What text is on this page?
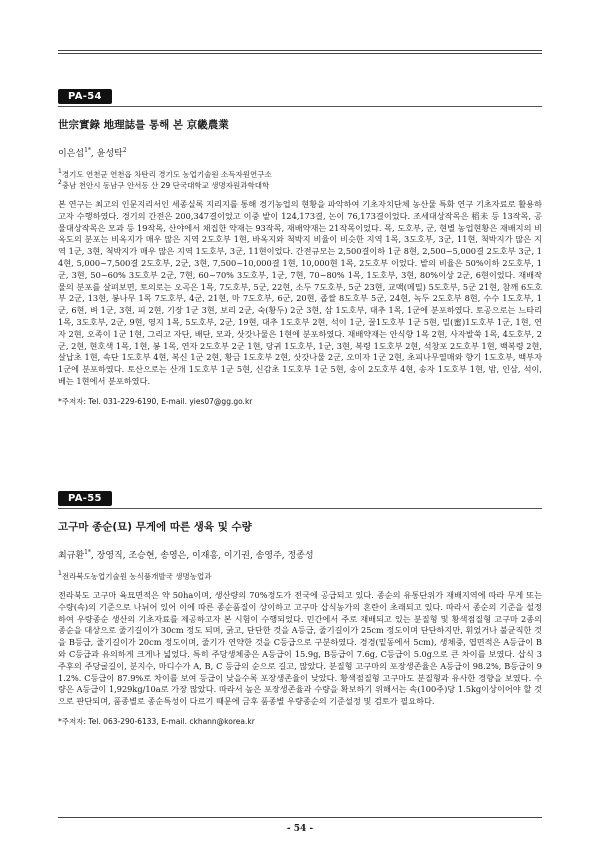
PA-54
世宗實錄 地理誌를 통해 본 京畿農業
이은섭$^{1*}$, 윤성탁$^2$
$^1$경기도 연천군 연천읍 차탄리 경기도 농업기술원 소득자원연구소
$^2$충남 천안시 동남구 안서동 산 29 단국대학교 생명자원과학대학
본 연구는 최고의 인문지리서인 세종실록 지리지를 통해 경기농업의 현황을 파악하여 기초자치단체 농산물 특화 연구 기초자료로 활용하고자 수행하였다. 경기의 간전은 200,347결이었고 이중 밭이 124,173결, 논이 76,173결이었다. 조세대상작목은 稻未 등 13작목, 공물대상작목은 모과 등 19작목, 산야에서 채집한 약재는 93작목, 재배약재는 21작목이었다. 목, 도호부, 군, 현별 농업현황은 재배지의 비옥도의 분포는 비옥지가 매우 많은 지역 2도호부 1현, 바옥지와 척박지 비율이 비슷한 지역 1목, 3도호부, 3군, 11현, 척박지가 많은 지역 1군, 3현, 척박지가 매우 많은 지역 1도호부, 3군, 11현이었다. 간전규모는 2,500결이하 1군 8현, 2,500~5,000결 2도호부 3군, 14현, 5,000~7,500결 2도호부, 2군, 3현, 7,500~10,000결 1현, 10,000현 1목, 2도호부 이었다. 밭의 비율은 50%이하 2도호부, 1군, 3현, 50~60% 3도호부 2군, 7현, 60~70% 3도호부, 1군, 7현, 70~80% 1목, 1도호부, 3현, 80%이상 2군, 6현이었다. 재배작물의 분포를 살펴보면, 토의로는 오곡은 1목, 7도호부, 5군, 22현, 소두 7도호부, 5군 23현, 교맥(메밀) 5도호부, 5군 21현, 참깨 6도호부 2군, 13현, 봉나무 1목 7도호부, 4군, 21현, 마 7도호부, 6군, 20현, 좁쌀 8도호부 5군, 24현, 녹두 2도호부 8현, 수수 1도호부, 1군, 6현, 벼 1군, 3현, 피 2현, 기장 1군 3현, 보리 2군, 숙(황두) 2군 3현, 삼 1도호부, 대추 1목, 1군에 분포하였다. 토공으로는 느타리 1목, 3도호부, 2군, 9현, 영지 1목, 5도호부, 2군, 19현, 대추 1도호부 2현, 석이 1군, 꿀1도호부 1군 5현, 밀(蜜)1도호부 1군, 1현, 연자 2현, 오족이 1군 1현, 그리고 자단, 배단, 모과, 삿갓나물은 1현에 분포하였다. 재배약재는 안식향 1목 2현, 사자발쑥 1목, 4도호부, 2군, 2현, 현호색 1목, 1현, 봉 1목, 연자 2도호부 2군 1현, 당귀 1도호부, 1군, 3현, 복령 1도호부 2현, 석창포 2도호부 1현, 백복령 2현, 살납초 1현, 속단 1도호부 4현, 복신 1군 2현, 황금 1도호부 2현, 삿갓나물 2군, 오미자 1군 2현, 초피나무열매와 향기 1도호부, 백부자 1군에 분포하였다. 토산으로는 산개 1도호부 1군 5현, 신감초 1도호부 1군 5현, 송이 2도호부 4현, 송자 1도호부 1현, 밤, 인삼, 석이, 베는 1현에서 분포하였다.
*주저자: Tel. 031-229-6190, E-mail. yies07@gg.go.kr
PA-55
고구마 종순(묘) 무게에 따른 생육 및 수량
최규환$^{1*}$, 장영직, 조승현, 송영은, 이재흥, 이기권, 송영주, 정종성
$^1$전라북도농업기술원 농식품개발국 생명농업과
전라북도 고구마 육묘면적은 약 50ha이며, 생산량의 70%정도가 전국에 공급되고 있다. 종순의 유통단위가 재배지역에 따라 무게 또는 수량(속)의 기준으로 나뉘어 있어 이에 따른 종순품질이 상이하고 고구마 삽식농가의 혼란이 초래되고 있다. 따라서 종순의 기준을 설정하여 우량종순 생산의 기초자료를 제공하고자 본 시험이 수행되었다. 민간에서 주로 재배되고 있는 분질형 및 황색점질형 고구마 2종의 종순을 대상으로 줄기길이가 30cm 정도 되며, 굵고, 단단한 것을 A등급, 줄기길이가 25cm 정도이며 단단하지만, 휘었거나 불균직한 것을 B등급, 줄기길이가 20cm 정도이며, 줄기가 연약한 것을 C등급으로 구분하였다. 경경(밑동에서 5cm), 생체중, 엽면적은 A등급이 B와 C등급과 유의하게 크게나 넓었다. 특히 주당생체중은 A등급이 15.9g, B등급이 7.6g, C등급이 5.0g으로 큰 차이를 보였다. 삽식 3주후의 주당굴길이, 분지수, 마디수가 A, B, C 등급의 순으로 길고, 많았다. 분질형 고구마의 포장생존율은 A등급이 98.2%, B등급이 91.2%. C등급이 87.9%로 차이를 보여 등급이 낮을수록 포장생존율이 낮았다. 황색점질형 고구마도 분질형과 유사한 경향을 보였다. 수량은 A등급이 1,929kg/10a로 가장 많았다. 따라서 높은 포장생존율과 수량을 확보하기 위해서는 속(100주)당 1.5kg이상이어야 할 것으로 판단되며, 품종별로 종순특성이 다르기 때문에 금후 품종별 우량종순의 기준설정 및 검토가 필요하다.
*주저자: Tel. 063-290-6133, E-mail. ckhann@korea.kr
- 54 -
